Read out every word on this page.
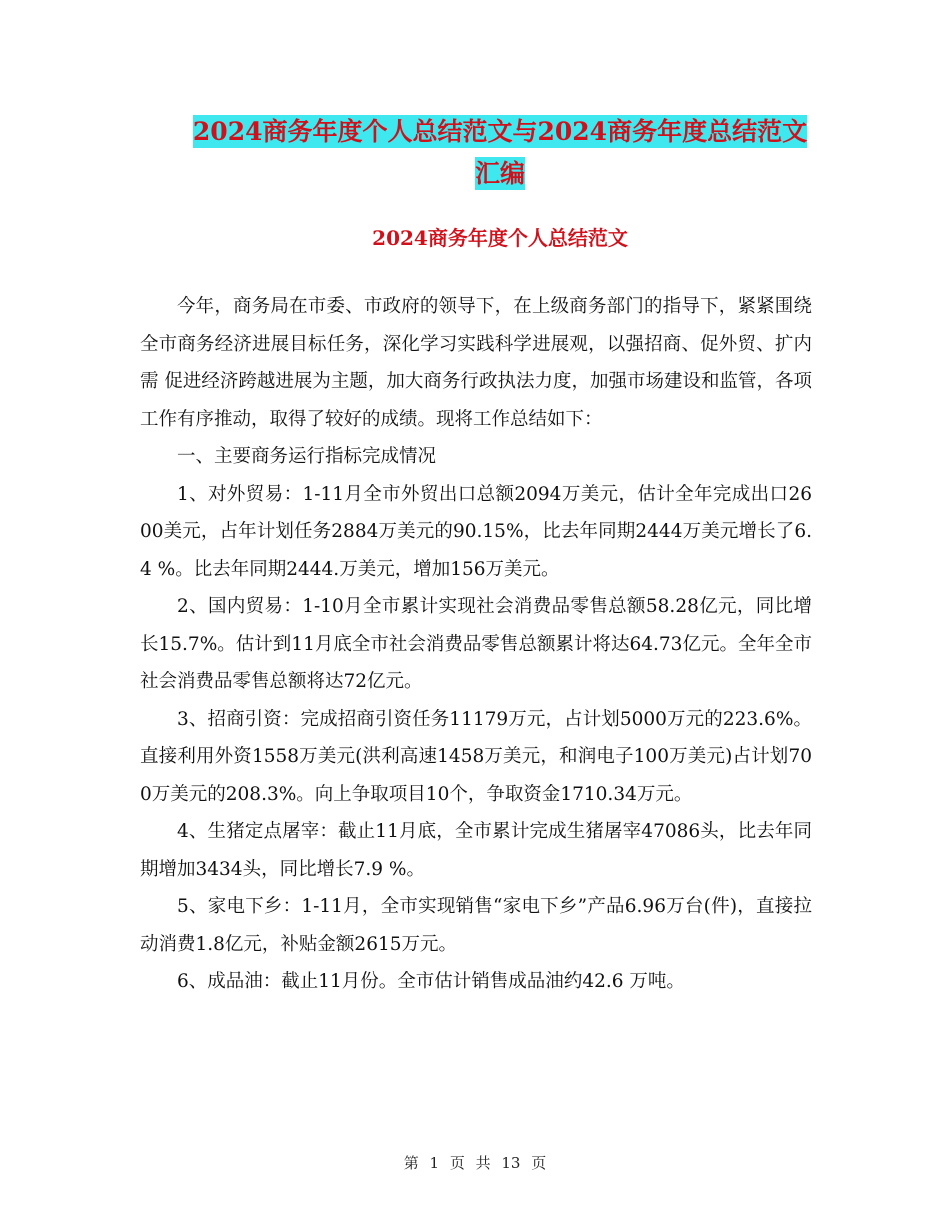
2024商务年度个人总结范文与2024商务年度总结范文
汇编
2024商务年度个人总结范文

今年，商务局在市委、市政府的领导下，在上级商务部门的指导下，紧紧围绕全市商务经济进展目标任务，深化学习实践科学进展观，以强招商、促外贸、扩内需 促进经济跨越进展为主题，加大商务行政执法力度，加强市场建设和监管，各项工作有序推动，取得了较好的成绩。现将工作总结如下：

一、主要商务运行指标完成情况

1、对外贸易：1-11月全市外贸出口总额2094万美元，估计全年完成出口2600美元，占年计划任务2884万美元的90.15%，比去年同期2444万美元增长了6.4 %。比去年同期2444.万美元，增加156万美元。

2、国内贸易：1-10月全市累计实现社会消费品零售总额58.28亿元，同比增长15.7%。估计到11月底全市社会消费品零售总额累计将达64.73亿元。全年全市社会消费品零售总额将达72亿元。

3、招商引资：完成招商引资任务11179万元，占计划5000万元的223.6%。直接利用外资1558万美元(洪利高速1458万美元，和润电子100万美元)占计划700万美元的208.3%。向上争取项目10个，争取资金1710.34万元。

4、生猪定点屠宰：截止11月底，全市累计完成生猪屠宰47086头，比去年同期增加3434头，同比增长7.9 %。

5、家电下乡：1-11月，全市实现销售“家电下乡”产品6.96万台(件)，直接拉动消费1.8亿元，补贴金额2615万元。

6、成品油：截止11月份。全市估计销售成品油约42.6 万吨。

第 1 页 共 13 页
